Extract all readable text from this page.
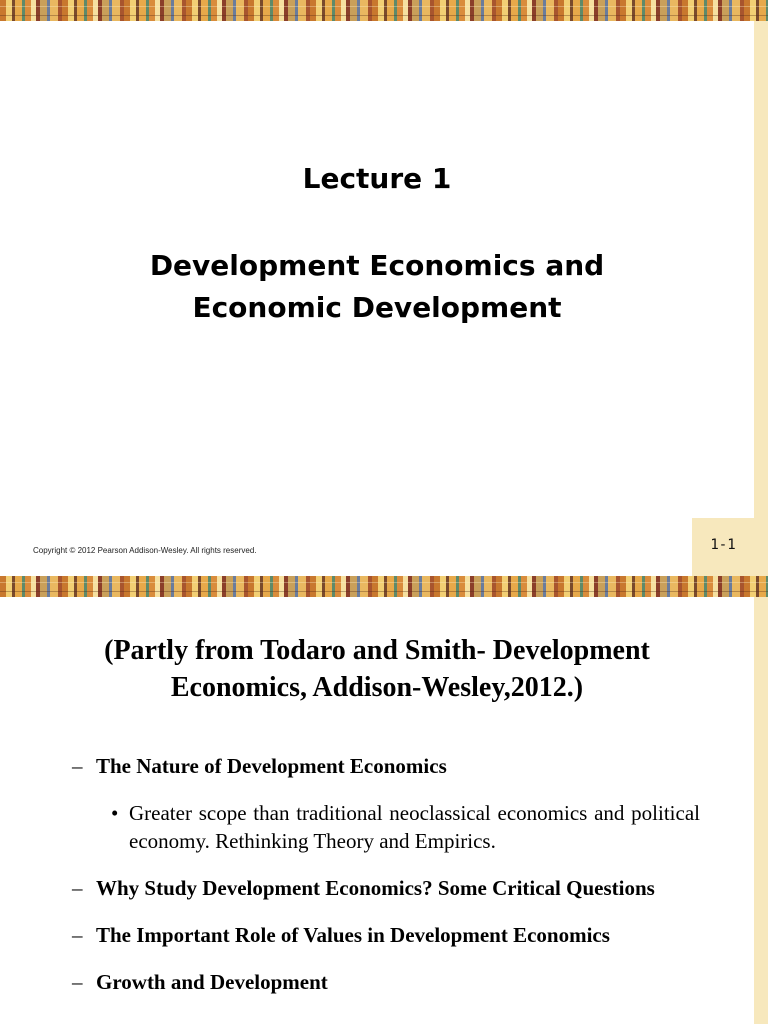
Lecture 1
Development Economics and
Economic Development
Copyright © 2012 Pearson Addison-Wesley. All rights reserved.	1-1
(Partly from Todaro and Smith- Development
Economics, Addison-Wesley,2012.)
– The Nature of Development Economics
• Greater scope than traditional neoclassical economics and political economy. Rethinking Theory and Empirics.
– Why Study Development Economics? Some Critical Questions
– The Important Role of Values in Development Economics
– Growth and Development
